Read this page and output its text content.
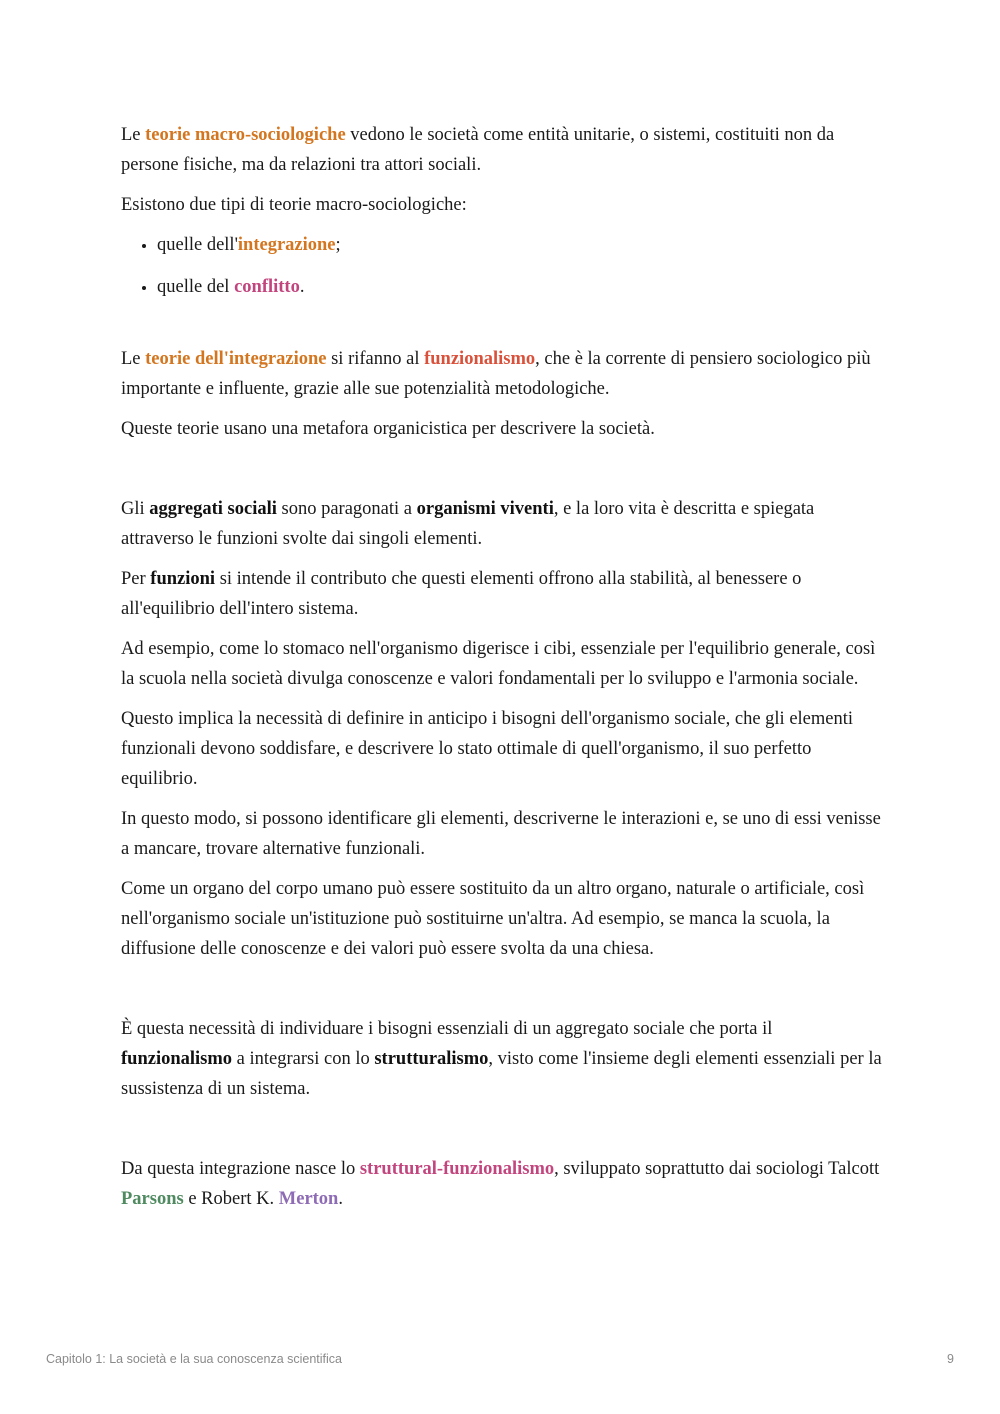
Le teorie macro-sociologiche vedono le società come entità unitarie, o sistemi, costituiti non da persone fisiche, ma da relazioni tra attori sociali.

Esistono due tipi di teorie macro-sociologiche:

• quelle dell'integrazione;
• quelle del conflitto.

Le teorie dell'integrazione si rifanno al funzionalismo, che è la corrente di pensiero sociologico più importante e influente, grazie alle sue potenzialità metodologiche.

Queste teorie usano una metafora organicistica per descrivere la società.

Gli aggregati sociali sono paragonati a organismi viventi, e la loro vita è descritta e spiegata attraverso le funzioni svolte dai singoli elementi.

Per funzioni si intende il contributo che questi elementi offrono alla stabilità, al benessere o all'equilibrio dell'intero sistema.

Ad esempio, come lo stomaco nell'organismo digerisce i cibi, essenziale per l'equilibrio generale, così la scuola nella società divulga conoscenze e valori fondamentali per lo sviluppo e l'armonia sociale.

Questo implica la necessità di definire in anticipo i bisogni dell'organismo sociale, che gli elementi funzionali devono soddisfare, e descrivere lo stato ottimale di quell'organismo, il suo perfetto equilibrio.

In questo modo, si possono identificare gli elementi, descriverne le interazioni e, se uno di essi venisse a mancare, trovare alternative funzionali.

Come un organo del corpo umano può essere sostituito da un altro organo, naturale o artificiale, così nell'organismo sociale un'istituzione può sostituirne un'altra. Ad esempio, se manca la scuola, la diffusione delle conoscenze e dei valori può essere svolta da una chiesa.

È questa necessità di individuare i bisogni essenziali di un aggregato sociale che porta il funzionalismo a integrarsi con lo strutturalismo, visto come l'insieme degli elementi essenziali per la sussistenza di un sistema.

Da questa integrazione nasce lo struttural-funzionalismo, sviluppato soprattutto dai sociologi Talcott Parsons e Robert K. Merton.

Capitolo 1: La società e la sua conoscenza scientifica	9
